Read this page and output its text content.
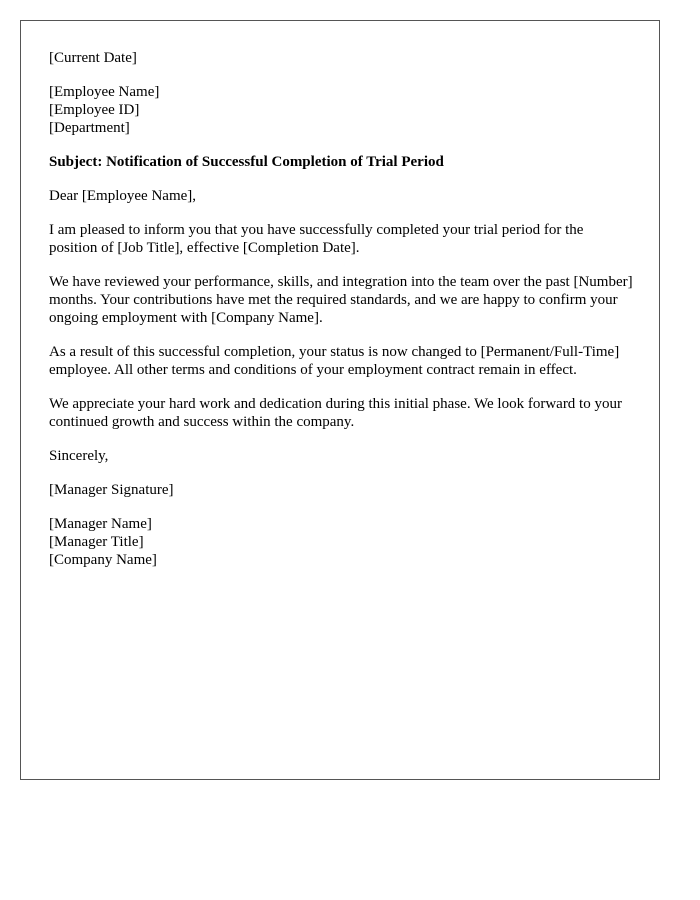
[Current Date]
[Employee Name]
[Employee ID]
[Department]

Subject: Notification of Successful Completion of Trial Period

Dear [Employee Name],

I am pleased to inform you that you have successfully completed your trial period for the position of [Job Title], effective [Completion Date].

We have reviewed your performance, skills, and integration into the team over the past [Number] months. Your contributions have met the required standards, and we are happy to confirm your ongoing employment with [Company Name].

As a result of this successful completion, your status is now changed to [Permanent/Full-Time] employee. All other terms and conditions of your employment contract remain in effect.

We appreciate your hard work and dedication during this initial phase. We look forward to your continued growth and success within the company.

Sincerely,

[Manager Signature]

[Manager Name]
[Manager Title]
[Company Name]
